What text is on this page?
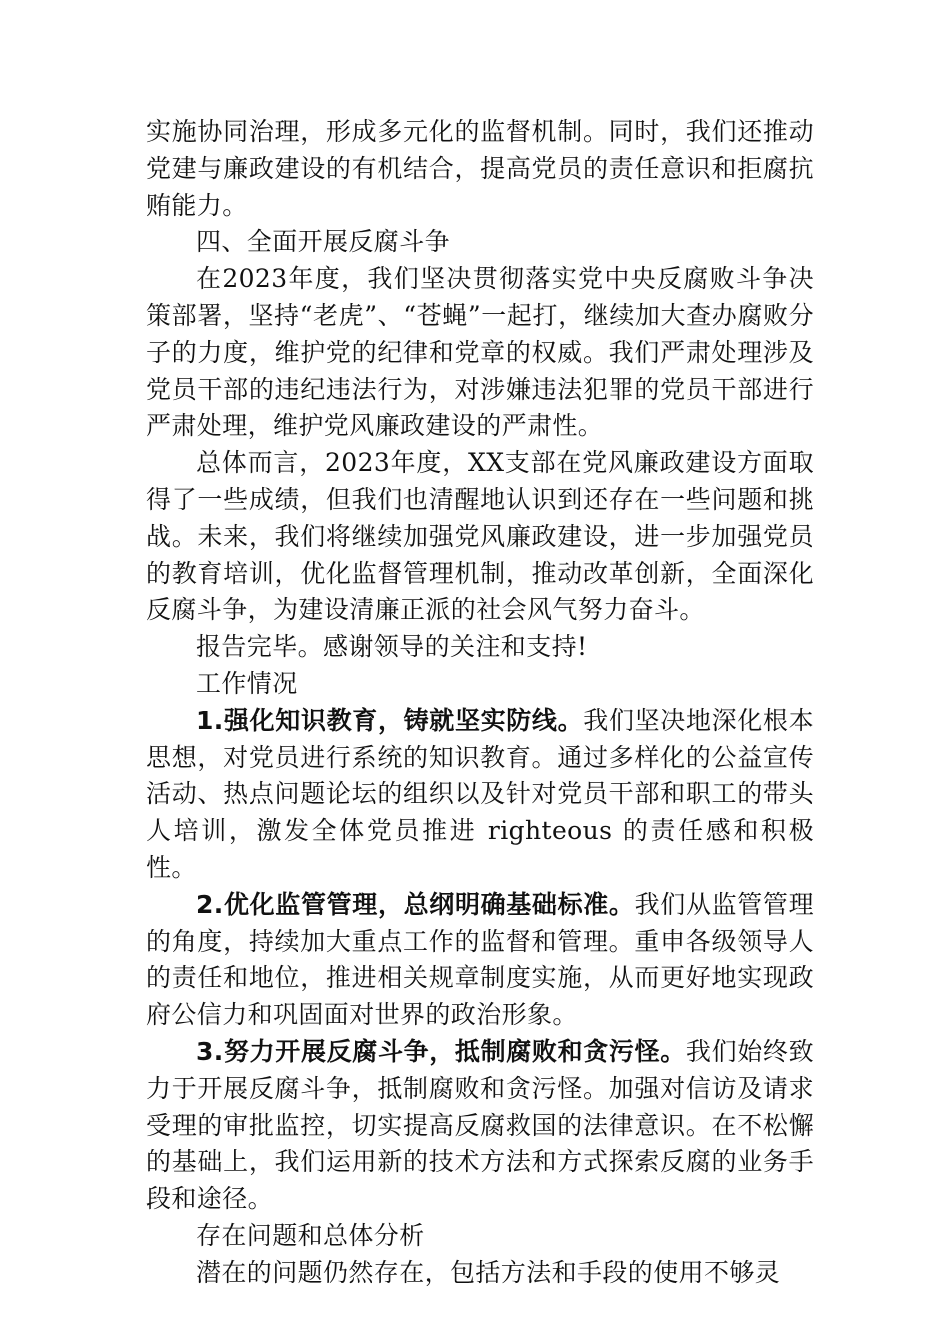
实施协同治理，形成多元化的监督机制。同时，我们还推动党建与廉政建设的有机结合，提高党员的责任意识和拒腐抗贿能力。

四、全面开展反腐斗争

在2023年度，我们坚决贯彻落实党中央反腐败斗争决策部署，坚持“老虎”、“苍蝇”一起打，继续加大查办腐败分子的力度，维护党的纪律和党章的权威。我们严肃处理涉及党员干部的违纪违法行为，对涉嫌违法犯罪的党员干部进行严肃处理，维护党风廉政建设的严肃性。

总体而言，2023年度，XX支部在党风廉政建设方面取得了一些成绩，但我们也清醒地认识到还存在一些问题和挑战。未来，我们将继续加强党风廉政建设，进一步加强党员的教育培训，优化监督管理机制，推动改革创新，全面深化反腐斗争，为建设清廉正派的社会风气努力奋斗。

报告完毕。感谢领导的关注和支持!

工作情况

1.强化知识教育，铸就坚实防线。我们坚决地深化根本思想，对党员进行系统的知识教育。通过多样化的公益宣传活动、热点问题论坛的组织以及针对党员干部和职工的带头人培训，激发全体党员推进 righteous 的责任感和积极性。

2.优化监管管理，总纲明确基础标准。我们从监管管理的角度，持续加大重点工作的监督和管理。重申各级领导人的责任和地位，推进相关规章制度实施，从而更好地实现政府公信力和巩固面对世界的政治形象。

3.努力开展反腐斗争，抵制腐败和贪污怪。我们始终致力于开展反腐斗争，抵制腐败和贪污怪。加强对信访及请求受理的审批监控，切实提高反腐救国的法律意识。在不松懈的基础上，我们运用新的技术方法和方式探索反腐的业务手段和途径。

存在问题和总体分析

潜在的问题仍然存在，包括方法和手段的使用不够灵
